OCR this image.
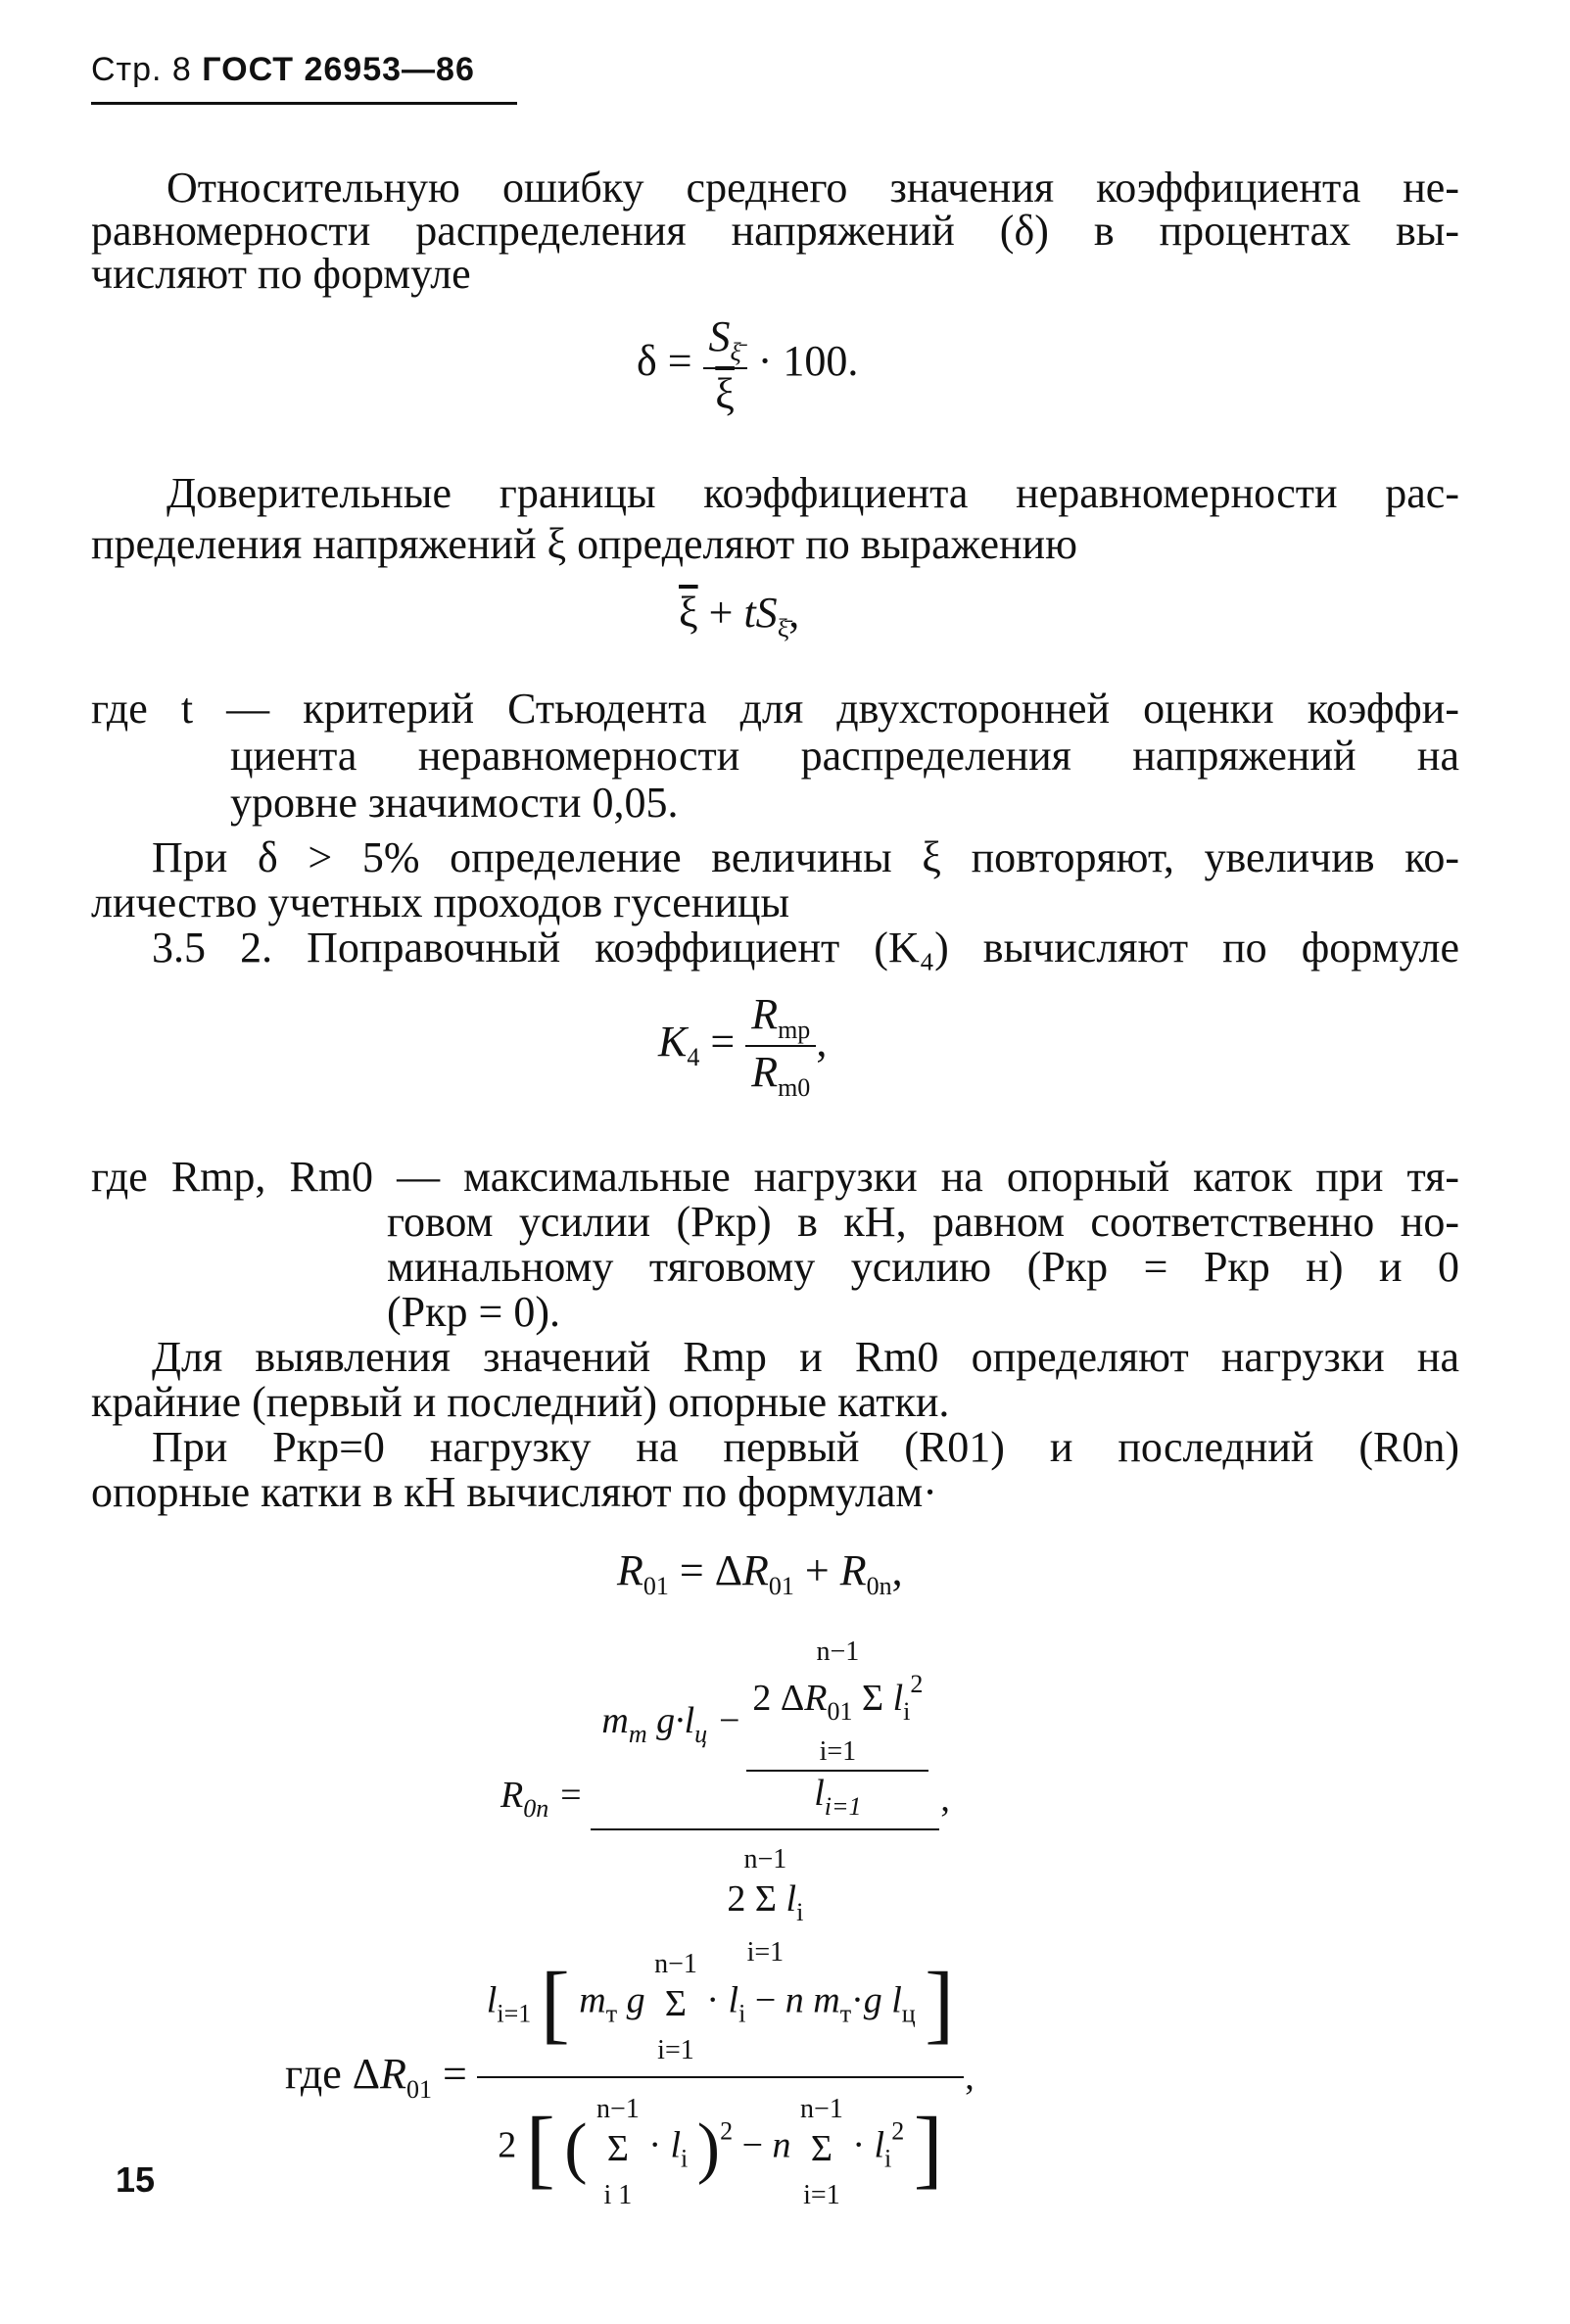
Стр. 8 ГОСТ 26953—86
Относительную ошибку среднего значения коэффициента не-
равномерности распределения напряжений (δ) в процентах вы-
числяют по формуле
$\delta = \frac{S_{\xī}}{\xi} \cdot 100$.
Доверительные границы коэффициента неравномерности рас-
пределения напряжений ξ определяют по выражению
$\overline{\xi} + tS_{\xī}$,
где t — критерий Стьюдента для двухсторонней оценки коэффи-
циента неравномерности распределения напряжений на
уровне значимости 0,05.
При δ > 5% определение величины ξ повторяют, увеличив ко-
личество учетных проходов гусеницы
3.5 2. Поправочный коэффициент (K₄) вычисляют по формуле
$K_4 = \frac{R_{mp}}{R_{m0}}$ ,
где Rmp, Rm0 — максимальные нагрузки на опорный каток при тя-
говом усилии (Pкр) в кН, равном соответственно но-
минальному тяговому усилию (Pкр = Pкр н) и 0
(Pкр = 0).
Для выявления значений Rmp и Rm0 определяют нагрузки на
крайние (первый и последний) опорные катки.
При Pкр=0 нагрузку на первый (R01) и последний (R0n)
опорные катки в кН вычисляют по формулам·
$R_{01} = \Delta R_{01} + R_{0n}$,
$R_{0n}$ =	
$m_т$ $g\cdot l_ц$ −	
n−1
2 $\Delta R_{01}$ Σ $l_i^2$
i=1
$l_{i=1}$
		,
n−1
2 Σ $l_i$
i=1
где $\Delta R_{01}$ =	$l_{i=1}$ [ $m_т$ g n−1
Σ
$i=1 \cdot l_i - n$ $m_т\cdot g$ $l_ц$ ]	,
2 [ ( n−1
Σ
i $1 \cdot l_i$ )$^2$ − n n−1
Σ
$i=1 \cdot l_i^2$ ]
15
